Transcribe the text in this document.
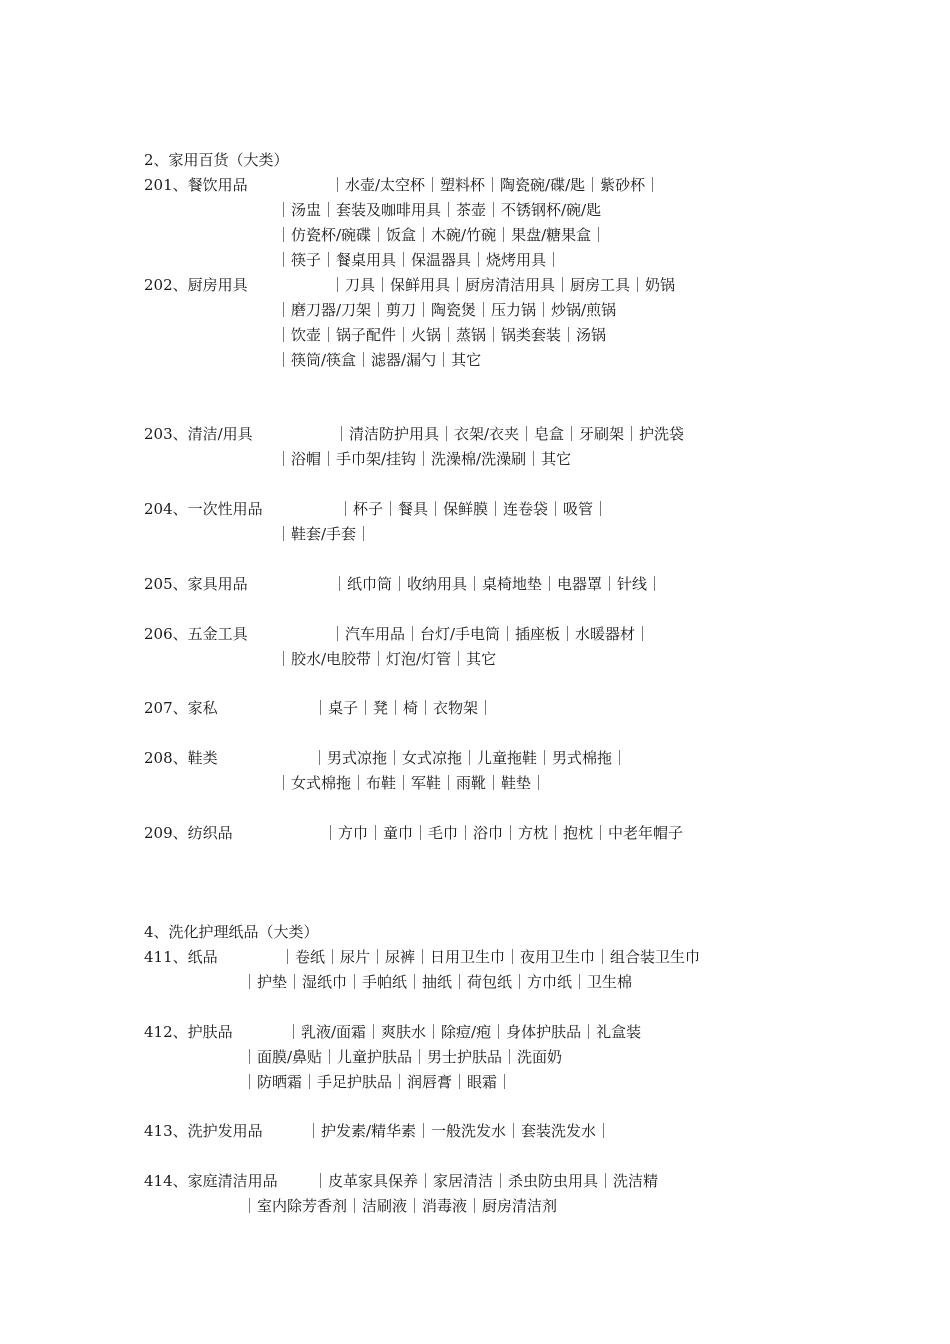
2、家用百货（大类）
201、餐饮用品	｜水壶/太空杯｜塑料杯｜陶瓷碗/碟/匙｜紫砂杯｜
｜汤盅｜套装及咖啡用具｜茶壶｜不锈钢杯/碗/匙
｜仿瓷杯/碗碟｜饭盒｜木碗/竹碗｜果盘/糖果盒｜
｜筷子｜餐桌用具｜保温器具｜烧烤用具｜
202、厨房用具	｜刀具｜保鲜用具｜厨房清洁用具｜厨房工具｜奶锅
｜磨刀器/刀架｜剪刀｜陶瓷煲｜压力锅｜炒锅/煎锅
｜饮壶｜锅子配件｜火锅｜蒸锅｜锅类套装｜汤锅
｜筷筒/筷盒｜滤器/漏勺｜其它
203、清洁/用具	｜清洁防护用具｜衣架/衣夹｜皂盒｜牙刷架｜护洗袋
｜浴帽｜手巾架/挂钩｜洗澡棉/洗澡刷｜其它
204、一次性用品	｜杯子｜餐具｜保鲜膜｜连卷袋｜吸管｜
｜鞋套/手套｜
205、家具用品	｜纸巾筒｜收纳用具｜桌椅地垫｜电器罩｜针线｜
206、五金工具	｜汽车用品｜台灯/手电筒｜插座板｜水暖器材｜
｜胶水/电胶带｜灯泡/灯管｜其它
207、家私	｜桌子｜凳｜椅｜衣物架｜
208、鞋类	｜男式凉拖｜女式凉拖｜儿童拖鞋｜男式棉拖｜
｜女式棉拖｜布鞋｜军鞋｜雨靴｜鞋垫｜
209、纺织品	｜方巾｜童巾｜毛巾｜浴巾｜方枕｜抱枕｜中老年帽子
4、洗化护理纸品（大类）
411、纸品	｜卷纸｜尿片｜尿裤｜日用卫生巾｜夜用卫生巾｜组合装卫生巾
｜护垫｜湿纸巾｜手帕纸｜抽纸｜荷包纸｜方巾纸｜卫生棉
412、护肤品	｜乳液/面霜｜爽肤水｜除痘/疱｜身体护肤品｜礼盒装
｜面膜/鼻贴｜儿童护肤品｜男士护肤品｜洗面奶
｜防晒霜｜手足护肤品｜润唇膏｜眼霜｜
413、洗护发用品	｜护发素/精华素｜一般洗发水｜套装洗发水｜
414、家庭清洁用品 ｜皮革家具保养｜家居清洁｜杀虫防虫用具｜洗洁精
｜室内除芳香剂｜洁刷液｜消毒液｜厨房清洁剂
